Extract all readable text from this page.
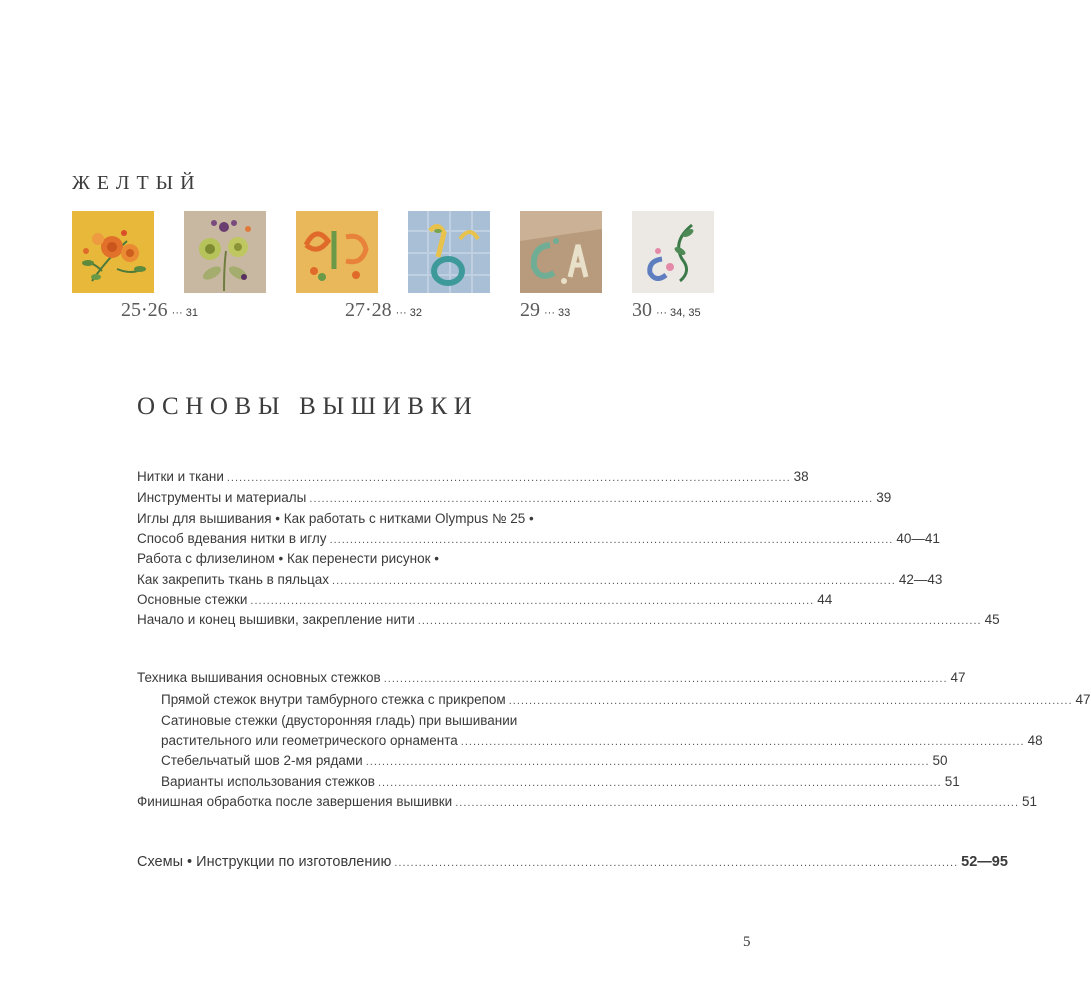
ЖЕЛТЫЙ
25·26 ··· 31	27·28 ··· 32	29 ··· 33	30 ··· 34, 35
ОСНОВЫ ВЫШИВКИ
Нитки и ткани ........................................................................................................................................... 38
Инструменты и материалы ........................................................................................................................................... 39
Иглы для вышивания • Как работать с нитками Olympus № 25 •
Способ вдевания нитки в иглу ........................................................................................................................................... 40—41
Работа с флизелином • Как перенести рисунок •
Как закрепить ткань в пяльцах ........................................................................................................................................... 42—43
Основные стежки ........................................................................................................................................... 44
Начало и конец вышивки, закрепление нити ........................................................................................................................................... 45
Техника вышивания основных стежков ........................................................................................................................................... 47
Прямой стежок внутри тамбурного стежка с прикрепом ........................................................................................................................................... 47
Сатиновые стежки (двусторонняя гладь) при вышивании
растительного или геометрического орнамента ........................................................................................................................................... 48
Стебельчатый шов 2-мя рядами ........................................................................................................................................... 50
Варианты использования стежков ........................................................................................................................................... 51
Финишная обработка после завершения вышивки ........................................................................................................................................... 51
Схемы • Инструкции по изготовлению ........................................................................................................................................... 52—95
5
